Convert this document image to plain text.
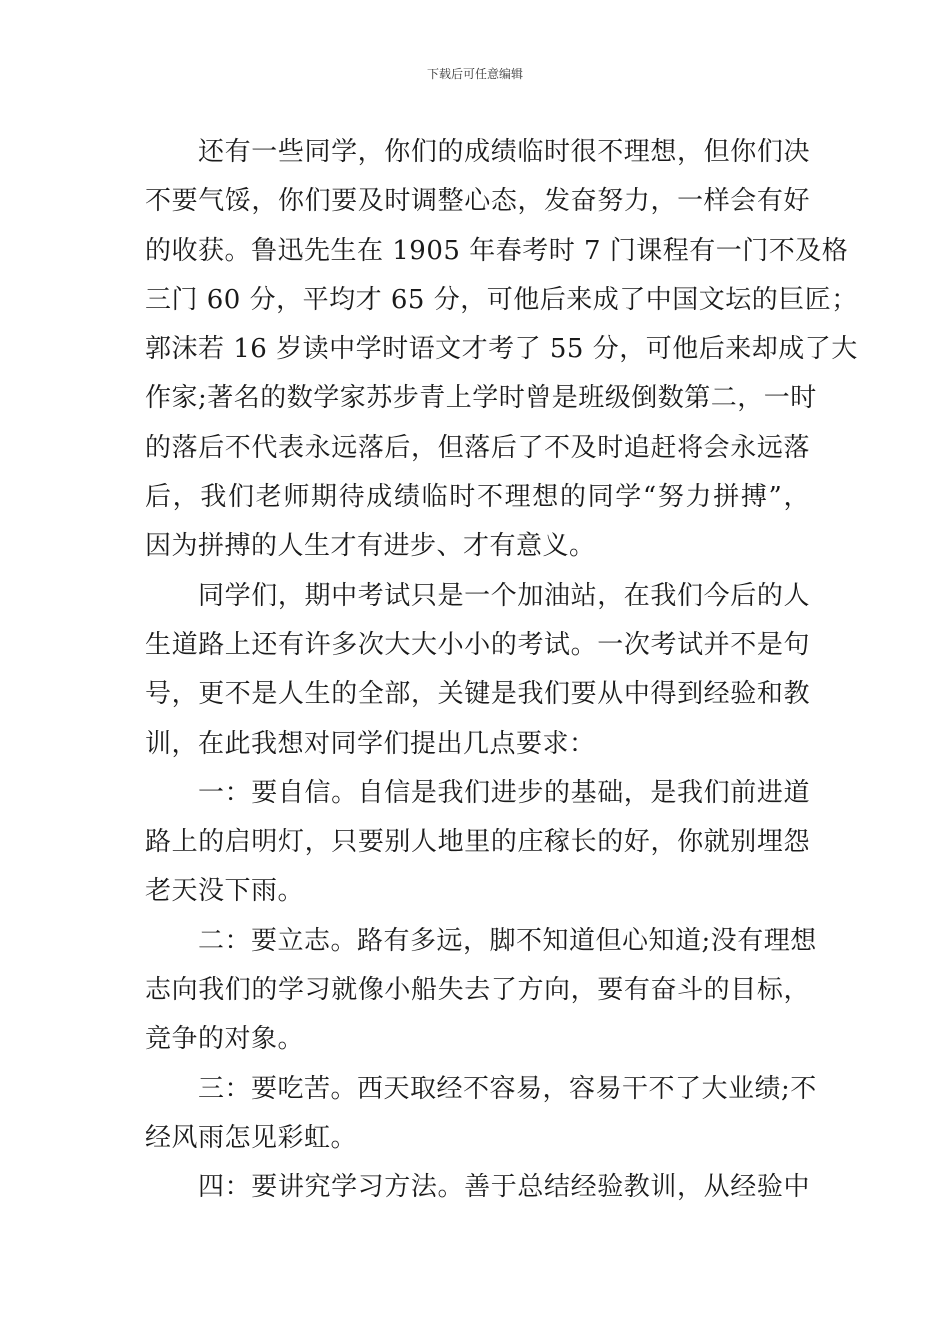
下载后可任意编辑
还有一些同学，你们的成绩临时很不理想，但你们决
不要气馁，你们要及时调整心态，发奋努力，一样会有好
的收获。鲁迅先生在 1905 年春考时 7 门课程有一门不及格
三门 60 分，平均才 65 分，可他后来成了中国文坛的巨匠；
郭沫若 16 岁读中学时语文才考了 55 分，可他后来却成了大
作家;著名的数学家苏步青上学时曾是班级倒数第二，一时
的落后不代表永远落后，但落后了不及时追赶将会永远落
后，我们老师期待成绩临时不理想的同学“努力拼搏”，
因为拼搏的人生才有进步、才有意义。
同学们，期中考试只是一个加油站，在我们今后的人
生道路上还有许多次大大小小的考试。一次考试并不是句
号，更不是人生的全部，关键是我们要从中得到经验和教
训，在此我想对同学们提出几点要求：
一：要自信。自信是我们进步的基础，是我们前进道
路上的启明灯，只要别人地里的庄稼长的好，你就别埋怨
老天没下雨。
二：要立志。路有多远，脚不知道但心知道;没有理想
志向我们的学习就像小船失去了方向，要有奋斗的目标，
竞争的对象。
三：要吃苦。西天取经不容易，容易干不了大业绩;不
经风雨怎见彩虹。
四：要讲究学习方法。善于总结经验教训，从经验中
